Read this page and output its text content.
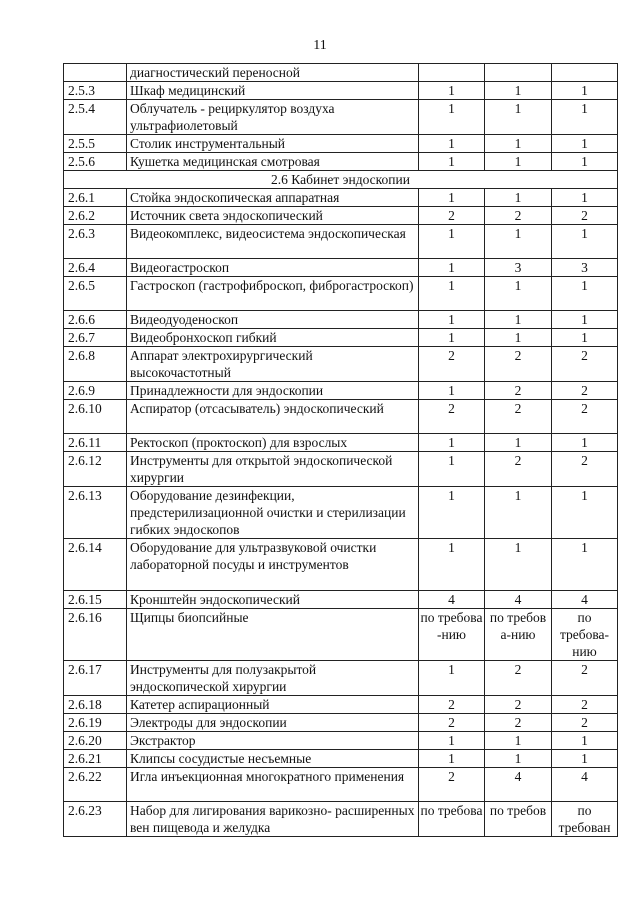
11
	диагностический переносной			
2.5.3	Шкаф медицинский	1	1	1
2.5.4	Облучатель - рециркулятор воздуха ультрафиолетовый	1	1	1
2.5.5	Столик инструментальный	1	1	1
2.5.6	Кушетка медицинская смотровая	1	1	1
2.6 Кабинет эндоскопии				
2.6.1	Стойка эндоскопическая аппаратная	1	1	1
2.6.2	Источник света эндоскопический	2	2	2
2.6.3	Видеокомплекс, видеосистема эндоскопическая	1	1	1
2.6.4	Видеогастроскоп	1	3	3
2.6.5	Гастроскоп (гастрофиброскоп, фиброгастроскоп)	1	1	1
2.6.6	Видеодуоденоскоп	1	1	1
2.6.7	Видеобронхоскоп гибкий	1	1	1
2.6.8	Аппарат электрохирургический высокочастотный	2	2	2
2.6.9	Принадлежности для эндоскопии	1	2	2
2.6.10	Аспиратор (отсасыватель) эндоскопический	2	2	2
2.6.11	Ректоскоп (проктоскоп) для взрослых	1	1	1
2.6.12	Инструменты для открытой эндоскопической хирургии	1	2	2
2.6.13	Оборудование дезинфекции, предстерилизационной очистки и стерилизации гибких эндоскопов	1	1	1
2.6.14	Оборудование для ультразвуковой очистки лабораторной посуды и инструментов	1	1	1
2.6.15	Кронштейн эндоскопический	4	4	4
2.6.16	Щипцы биопсийные	по требова -нию	по требов а-нию	по требова- нию
2.6.17	Инструменты для полузакрытой эндоскопической хирургии	1	2	2
2.6.18	Катетер аспирационный	2	2	2
2.6.19	Электроды для эндоскопии	2	2	2
2.6.20	Экстрактор	1	1	1
2.6.21	Клипсы сосудистые несъемные	1	1	1
2.6.22	Игла инъекционная многократного применения	2	4	4
2.6.23	Набор для лигирования варикозно- расширенных вен пищевода и желудка	по требова	по требов	по требован
